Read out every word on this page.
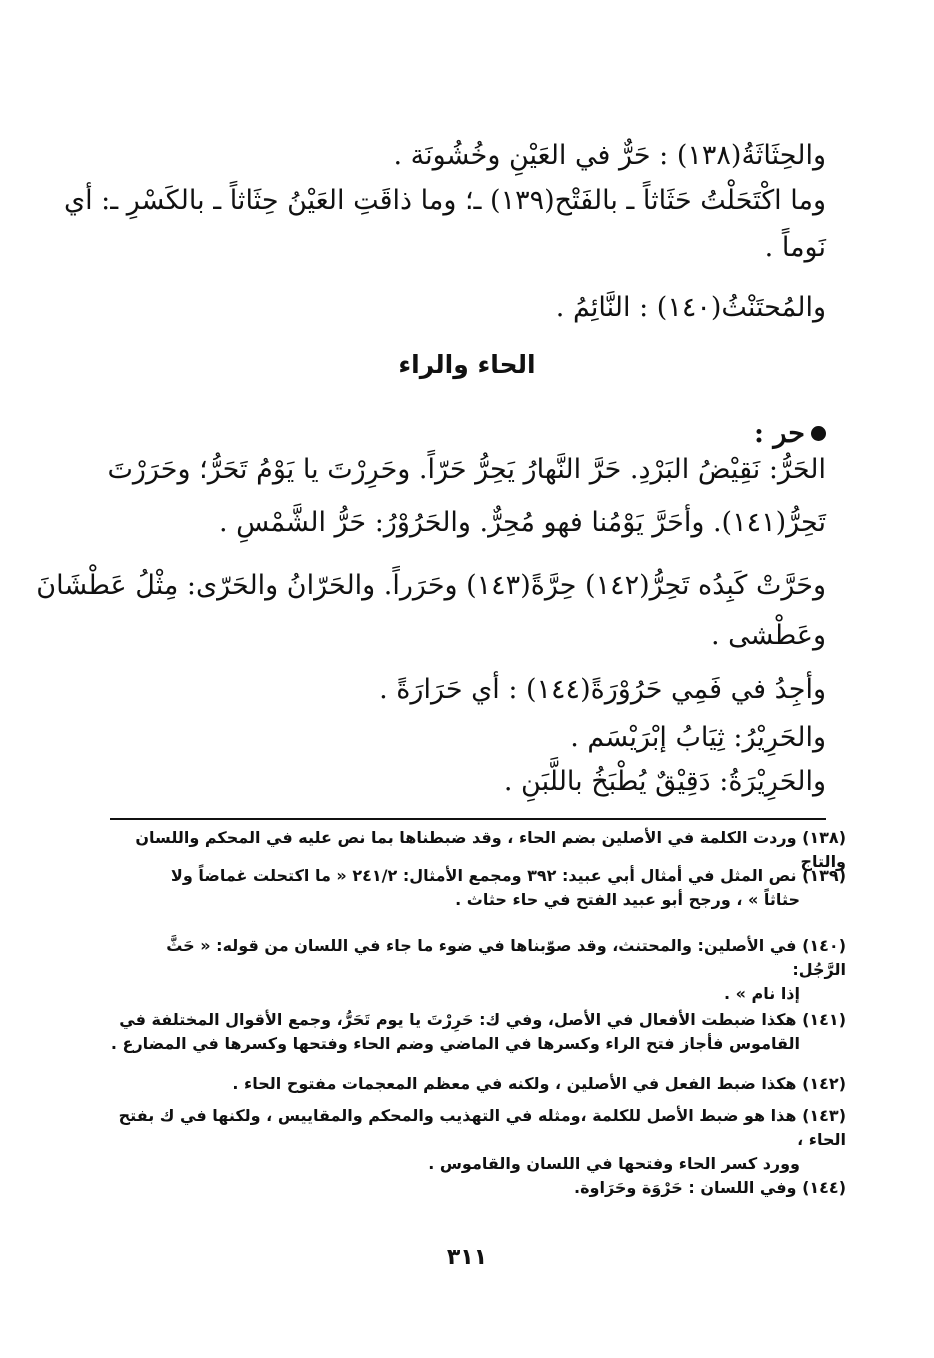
والحِثَاثَةُ(١٣٨) : حَرٌّ في العَيْنِ وخُشُونَة .
وما اكْتَحَلْتُ حَثَاثاً ـ بالفَتْح(١٣٩) ـ؛ وما ذاقَتِ العَيْنُ حِثَاثاً ـ بالكَسْرِ ـ: أي
نَوماً .
والمُحتَنْثُ(١٤٠) : النَّائِمُ .
الحاء والراء
حر :
الحَرُّ: نَقِيْضُ البَرْدِ. حَرَّ النَّهارُ يَحِرُّ حَرّاً. وحَرِرْتَ يا يَوْمُ تَحَرُّ؛ وحَرَرْتَ
تَحِرُّ(١٤١). وأحَرَّ يَوْمُنا فهو مُحِرٌّ. والحَرُوْرُ: حَرُّ الشَّمْسِ .
وحَرَّتْ كَبِدُه تَحِرُّ(١٤٢) حِرَّةً(١٤٣) وحَرَراً. والحَرّانُ والحَرّى: مِثْلُ عَطْشَانَ
وعَطْشى .
وأجِدُ في فَمِي حَرُوْرَةً(١٤٤) : أي حَرَارَةً .
والحَرِيْرُ: ثِيَابُ إبْرَيْسَم .
والحَرِيْرَةُ: دَقِيْقٌ يُطْبَخُ باللَّبَنِ .
(١٣٨) وردت الكلمة في الأصلين بضم الحاء ، وقد ضبطناها بما نص عليه في المحكم واللسان والتاج
(١٣٩) نص المثل في أمثال أبي عبيد: ٣٩٢ ومجمع الأمثال: ٢٤١/٢ « ما اكتحلت غماضاً ولا
حثاثاً » ، ورجح أبو عبيد الفتح في حاء حثاث .
(١٤٠) في الأصلين: والمحتنث، وقد صوّبناها في ضوء ما جاء في اللسان من قوله: « حَثَّ الرَّجُل:
إذا نام » .
(١٤١) هكذا ضبطت الأفعال في الأصل، وفي ك: حَرِرْتَ يا يوم تَحَرُّ، وجمع الأقوال المختلفة في
القاموس فأجاز فتح الراء وكسرها في الماضي وضم الحاء وفتحها وكسرها في المضارع .
(١٤٢) هكذا ضبط الفعل في الأصلين ، ولكنه في معظم المعجمات مفتوح الحاء .
(١٤٣) هذا هو ضبط الأصل للكلمة ،ومثله في التهذيب والمحكم والمقاييس ، ولكنها في ك بفتح الحاء ،
وورد كسر الحاء وفتحها في اللسان والقاموس .
(١٤٤) وفي اللسان : حَرْوَة وحَرَاوة.
٣١١
